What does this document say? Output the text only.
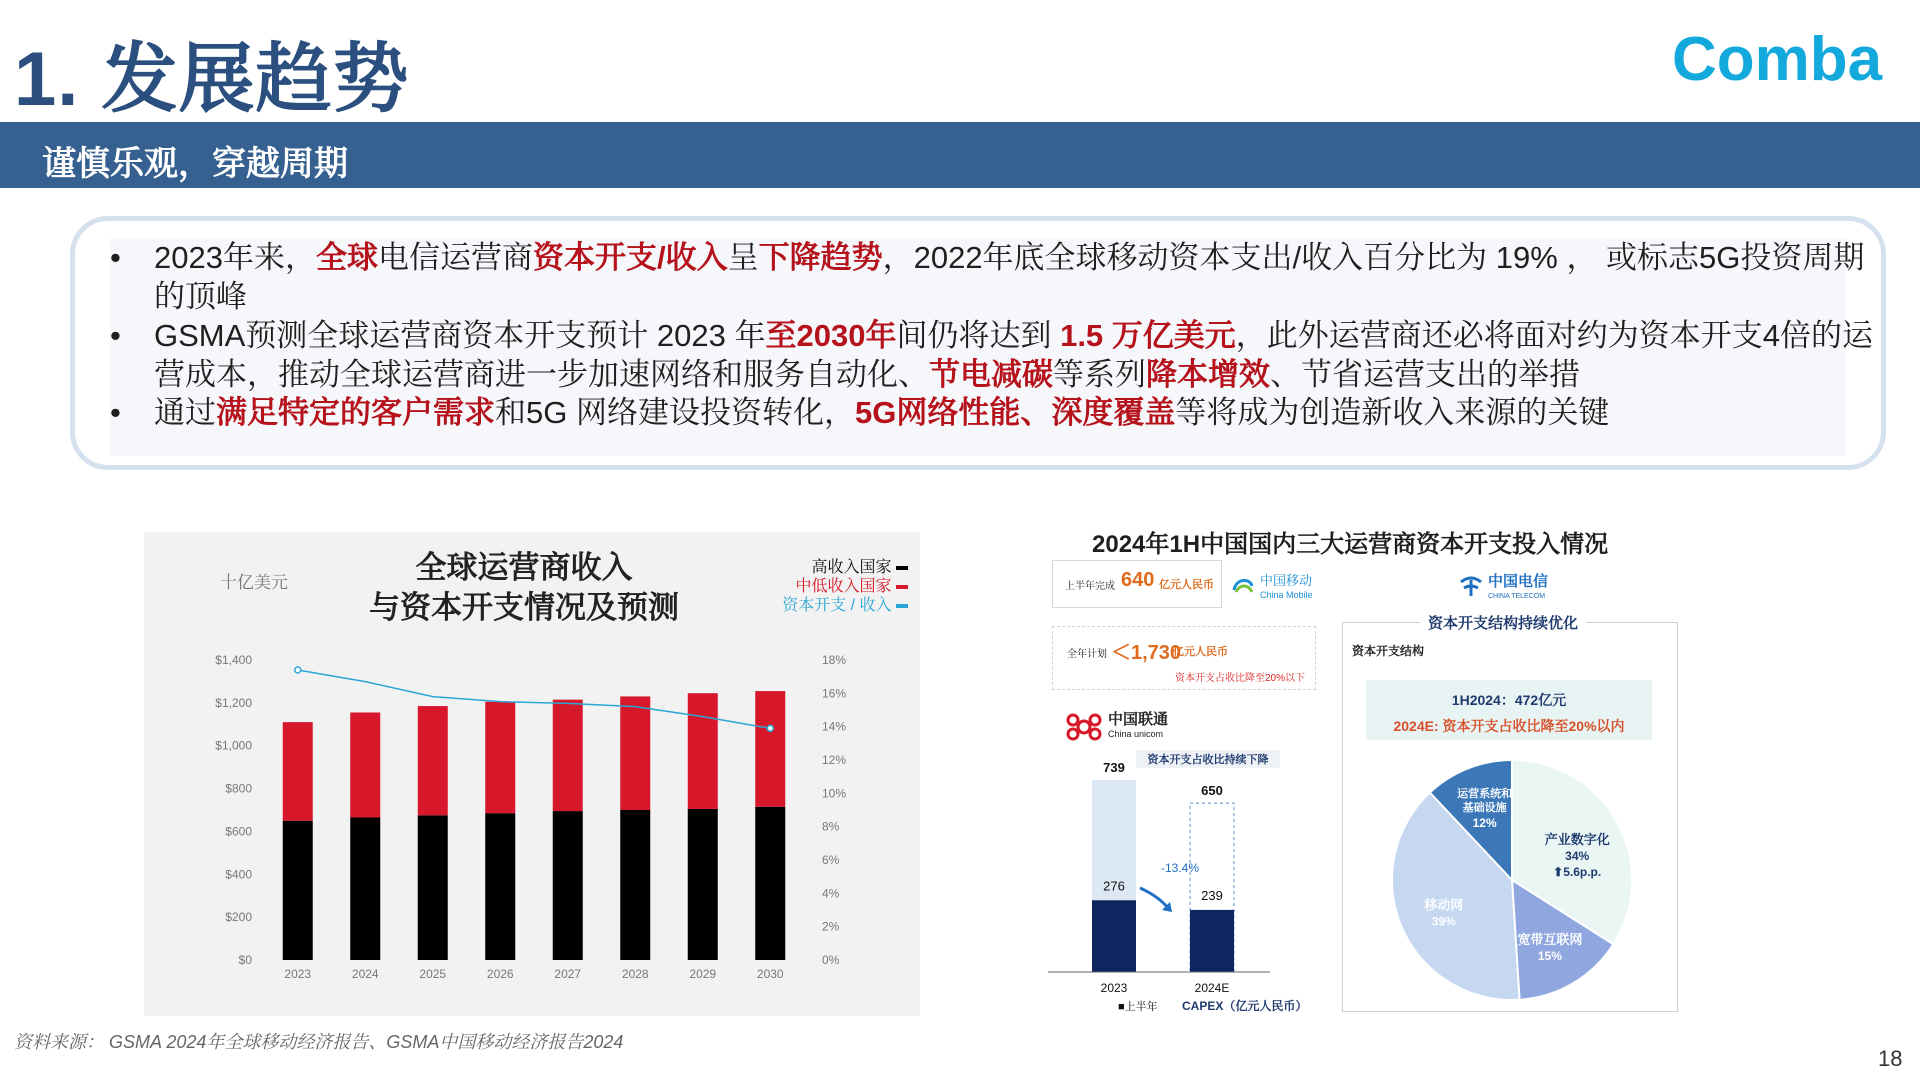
1. 发展趋势	Comba
谨慎乐观，穿越周期
•	2023年来，全球电信运营商资本开支/收入呈下降趋势，2022年底全球移动资本支出/收入百分比为 19% ， 或标志5G投资周期的顶峰
•	GSMA预测全球运营商资本开支预计 2023 年至2030年间仍将达到 1.5 万亿美元，此外运营商还必将面对约为资本开支4倍的运营成本，推动全球运营商进一步加速网络和服务自动化、节电减碳等系列降本增效、节省运营支出的举措
•	通过满足特定的客户需求和5G 网络建设投资转化，5G网络性能、深度覆盖等将成为创造新收入来源的关键
十亿美元	全球运营商收入
与资本开支情况及预测
高收入国家
中低收入国家
资本开支 / 收入
$0
$200
$400
$600
$800
$1,000
$1,200
$1,400
0%
2%
4%
6%
8%
10%
12%
14%
16%
18%
2023	2024	2025	2026	2027	2028	2029	2030
2024年1H中国国内三大运营商资本开支投入情况
上半年完成 640 亿元人民币	中国移动
China Mobile
全年计划 ＜1,730
亿元人民币
资本开支占收比降至20%以下
中国联通
China unicom
资本开支占收比持续下降
739
276
2023
650
239
2024E
-13.4%
■上半年 CAPEX（亿元人民币）
中国电信
CHINA TELECOM
资本开支结构持续优化
资本开支结构
1H2024：472亿元
2024E: 资本开支占收比降至20%以内
产业数字化
34%
⬆5.6p.p.
宽带互联网
15%
移动网
39%
运营系统和
基础设施
12%
资料来源： GSMA 2024年全球移动经济报告、GSMA中国移动经济报告2024
18
